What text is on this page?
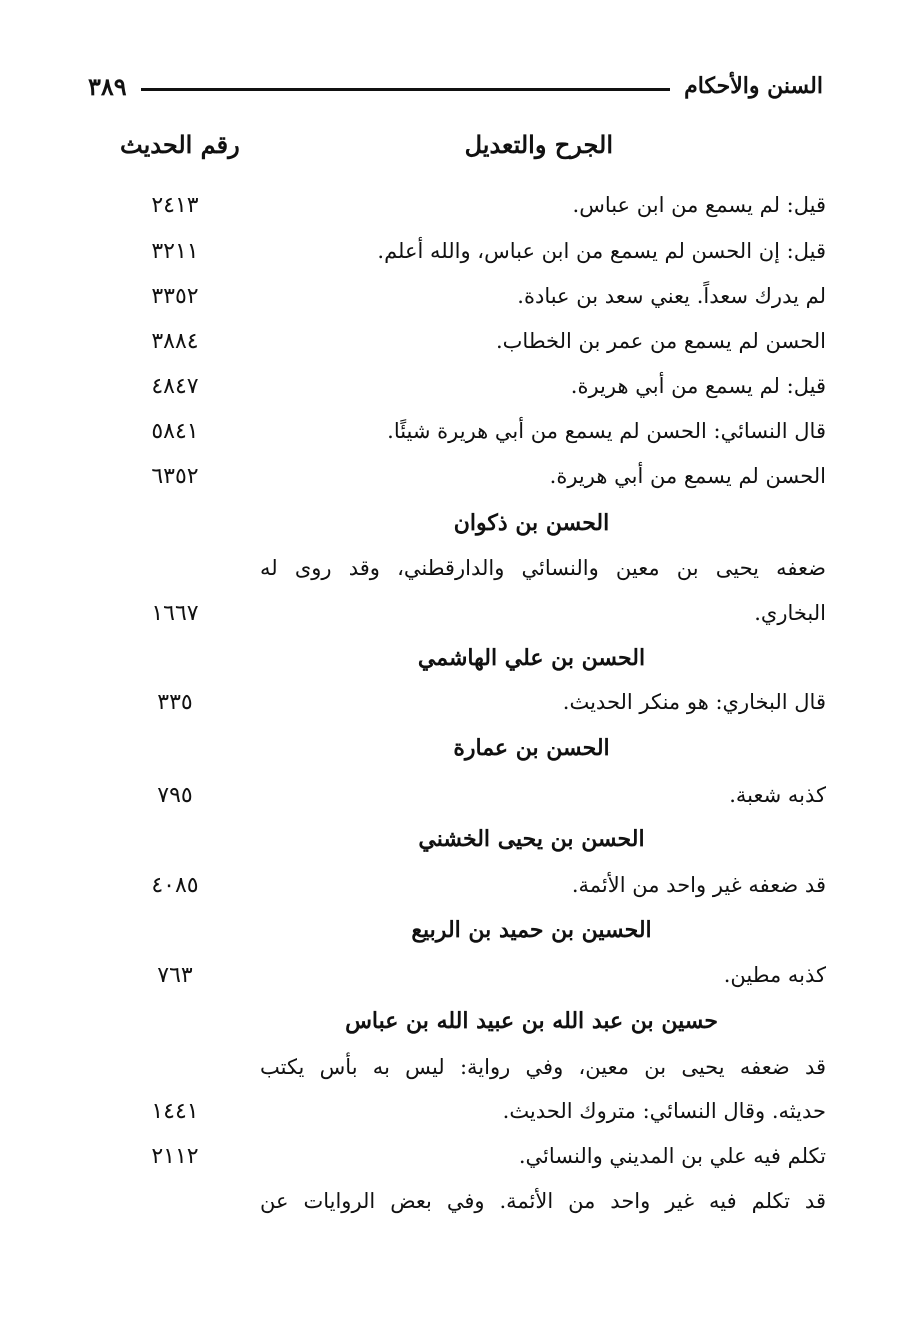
السنن والأحكام
٣٨٩
الجرح والتعديل
رقم الحديث
قيل: لم يسمع من ابن عباس.
٢٤١٣
قيل: إن الحسن لم يسمع من ابن عباس، والله أعلم.
٣٢١١
لم يدرك سعداً. يعني سعد بن عبادة.
٣٣٥٢
الحسن لم يسمع من عمر بن الخطاب.
٣٨٨٤
قيل: لم يسمع من أبي هريرة.
٤٨٤٧
قال النسائي: الحسن لم يسمع من أبي هريرة شيئًا.
٥٨٤١
الحسن لم يسمع من أبي هريرة.
٦٣٥٢
الحسن بن ذكوان
ضعفه يحيى بن معين والنسائي والدارقطني، وقد روى له
البخاري.
١٦٦٧
الحسن بن علي الهاشمي
قال البخاري: هو منكر الحديث.
٣٣٥
الحسن بن عمارة
كذبه شعبة.
٧٩٥
الحسن بن يحيى الخشني
قد ضعفه غير واحد من الأئمة.
٤٠٨٥
الحسين بن حميد بن الربيع
كذبه مطين.
٧٦٣
حسين بن عبد الله بن عبيد الله بن عباس
قد ضعفه يحيى بن معين، وفي رواية: ليس به بأس يكتب
حديثه. وقال النسائي: متروك الحديث.
١٤٤١
تكلم فيه علي بن المديني والنسائي.
٢١١٢
قد تكلم فيه غير واحد من الأئمة. وفي بعض الروايات عن
